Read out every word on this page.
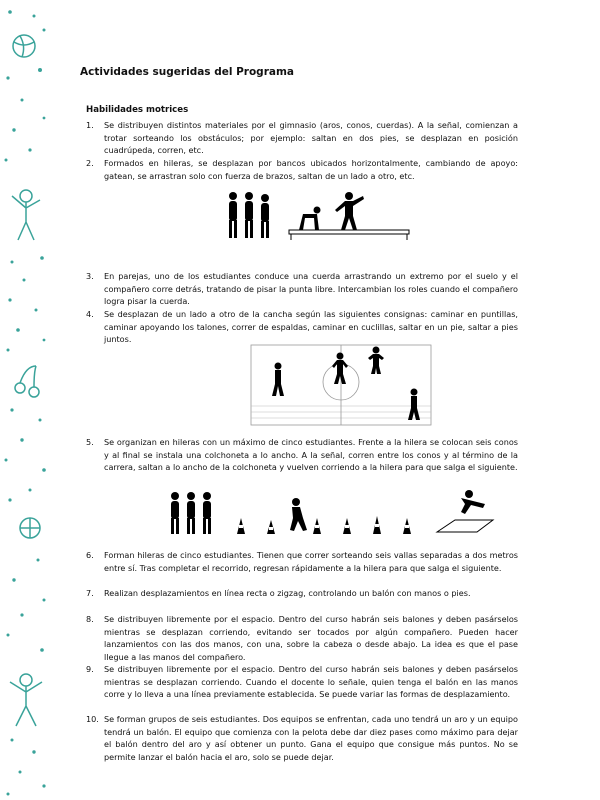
Actividades sugeridas del Programa
Habilidades motrices
1.	Se distribuyen distintos materiales por el gimnasio (aros, conos, cuerdas). A la señal, comienzan a trotar sorteando los obstáculos; por ejemplo: saltan en dos pies, se desplazan en posición cuadrúpeda, corren, etc.
2.	Formados en hileras, se desplazan por bancos ubicados horizontalmente, cambiando de apoyo: gatean, se arrastran solo con fuerza de brazos, saltan de un lado a otro, etc.
3.	En parejas, uno de los estudiantes conduce una cuerda arrastrando un extremo por el suelo y el compañero corre detrás, tratando de pisar la punta libre. Intercambian los roles cuando el compañero logra pisar la cuerda.
4.	Se desplazan de un lado a otro de la cancha según las siguientes consignas: caminar en puntillas, caminar apoyando los talones, correr de espaldas, caminar en cuclillas, saltar en un pie, saltar a pies juntos.
5.	Se organizan en hileras con un máximo de cinco estudiantes. Frente a la hilera se colocan seis conos y al final se instala una colchoneta a lo ancho. A la señal, corren entre los conos y al término de la carrera, saltan a lo ancho de la colchoneta y vuelven corriendo a la hilera para que salga el siguiente.
6.	Forman hileras de cinco estudiantes. Tienen que correr sorteando seis vallas separadas a dos metros entre sí. Tras completar el recorrido, regresan rápidamente a la hilera para que salga el siguiente.
7.	Realizan desplazamientos en línea recta o zigzag, controlando un balón con manos o pies.
8.	Se distribuyen libremente por el espacio. Dentro del curso habrán seis balones y deben pasárselos mientras se desplazan corriendo, evitando ser tocados por algún compañero. Pueden hacer lanzamientos con las dos manos, con una, sobre la cabeza o desde abajo. La idea es que el pase llegue a las manos del compañero.
9.	Se distribuyen libremente por el espacio. Dentro del curso habrán seis balones y deben pasárselos mientras se desplazan corriendo. Cuando el docente lo señale, quien tenga el balón en las manos corre y lo lleva a una línea previamente establecida. Se puede variar las formas de desplazamiento.
10. Se forman grupos de seis estudiantes. Dos equipos se enfrentan, cada uno tendrá un aro y un equipo tendrá un balón. El equipo que comienza con la pelota debe dar diez pases como máximo para dejar el balón dentro del aro y así obtener un punto. Gana el equipo que consigue más puntos. No se permite lanzar el balón hacia el aro, solo se puede dejar.
